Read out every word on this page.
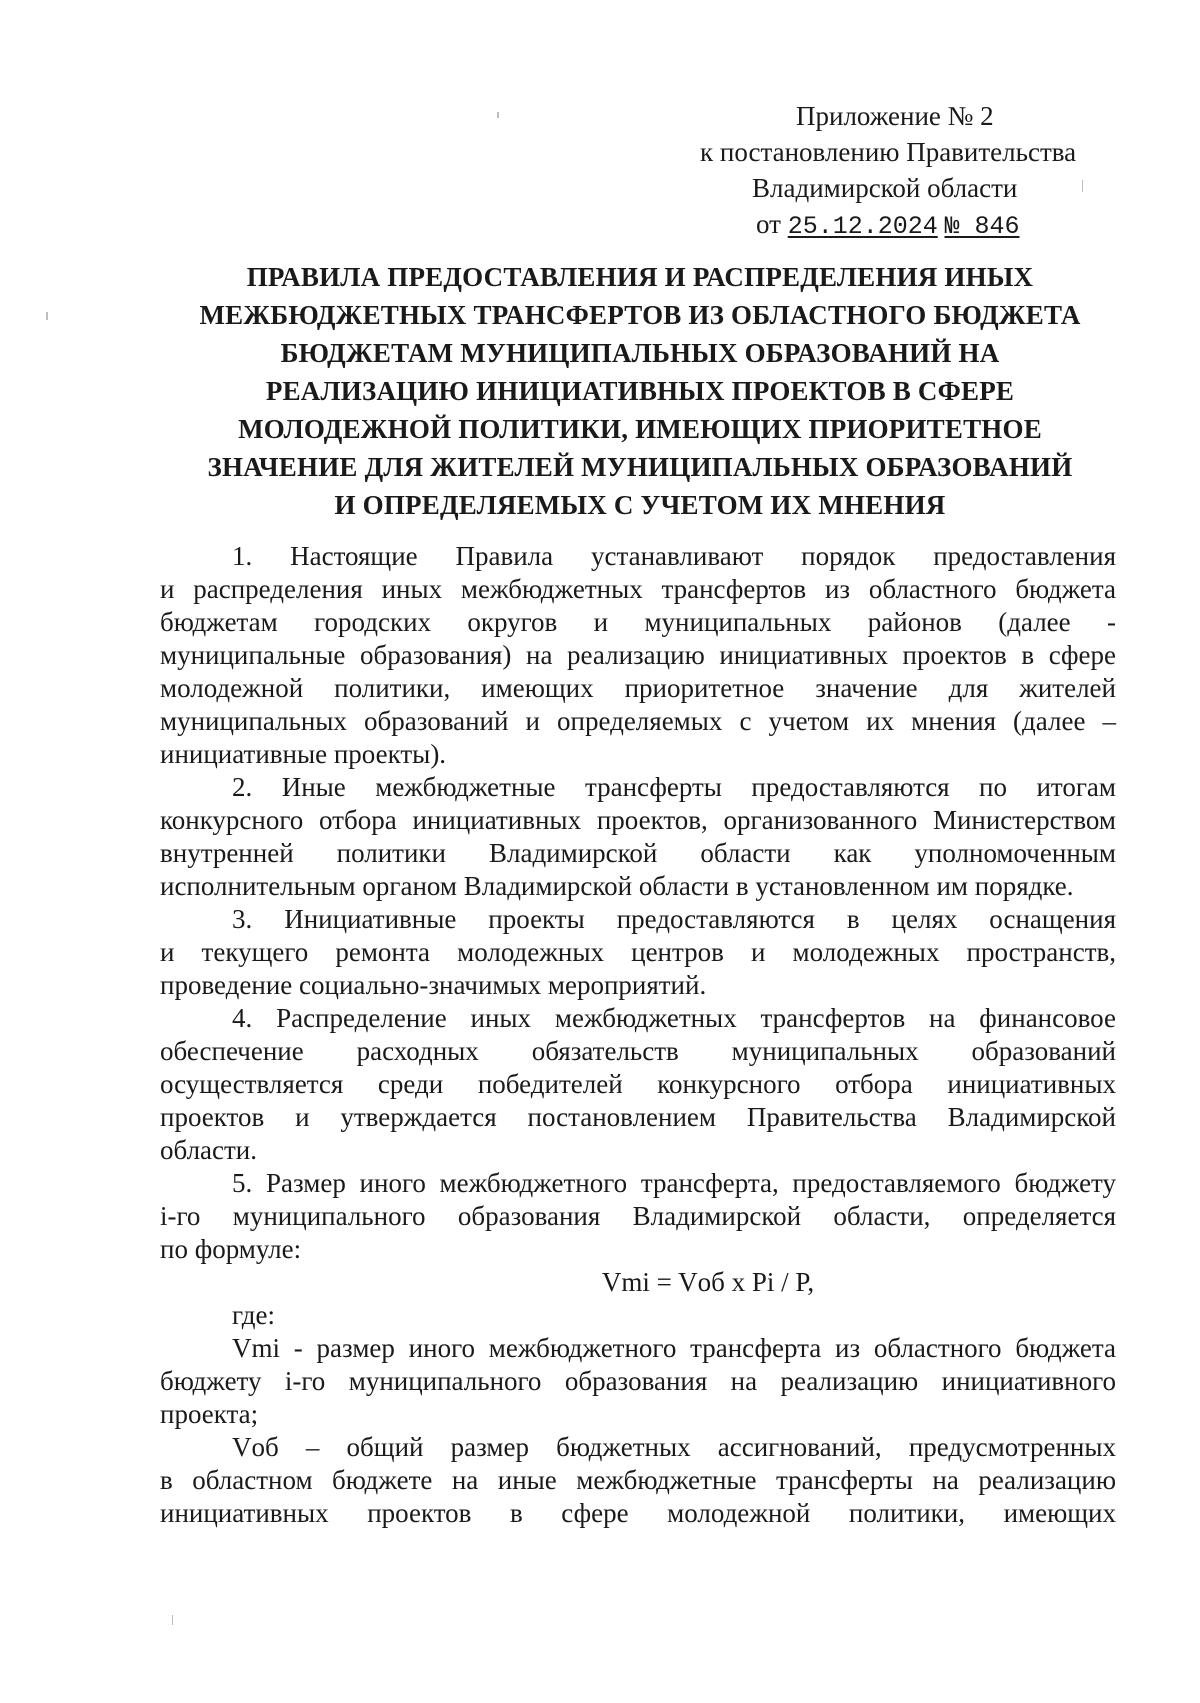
Приложение № 2
к постановлению Правительства
Владимирской области
от 25.12.2024 № 846
ПРАВИЛА ПРЕДОСТАВЛЕНИЯ И РАСПРЕДЕЛЕНИЯ ИНЫХ
МЕЖБЮДЖЕТНЫХ ТРАНСФЕРТОВ ИЗ ОБЛАСТНОГО БЮДЖЕТА
БЮДЖЕТАМ МУНИЦИПАЛЬНЫХ ОБРАЗОВАНИЙ НА
РЕАЛИЗАЦИЮ ИНИЦИАТИВНЫХ ПРОЕКТОВ В СФЕРЕ
МОЛОДЕЖНОЙ ПОЛИТИКИ, ИМЕЮЩИХ ПРИОРИТЕТНОЕ
ЗНАЧЕНИЕ ДЛЯ ЖИТЕЛЕЙ МУНИЦИПАЛЬНЫХ ОБРАЗОВАНИЙ
И ОПРЕДЕЛЯЕМЫХ С УЧЕТОМ ИХ МНЕНИЯ
1. Настоящие Правила устанавливают порядок предоставления
и распределения иных межбюджетных трансфертов из областного бюджета
бюджетам городских округов и муниципальных районов (далее -
муниципальные образования) на реализацию инициативных проектов в сфере
молодежной политики, имеющих приоритетное значение для жителей
муниципальных образований и определяемых с учетом их мнения (далее –
инициативные проекты).
2. Иные межбюджетные трансферты предоставляются по итогам
конкурсного отбора инициативных проектов, организованного Министерством
внутренней политики Владимирской области как уполномоченным
исполнительным органом Владимирской области в установленном им порядке.
3. Инициативные проекты предоставляются в целях оснащения
и текущего ремонта молодежных центров и молодежных пространств,
проведение социально-значимых мероприятий.
4. Распределение иных межбюджетных трансфертов на финансовое
обеспечение расходных обязательств муниципальных образований
осуществляется среди победителей конкурсного отбора инициативных
проектов и утверждается постановлением Правительства Владимирской
области.
5. Размер иного межбюджетного трансферта, предоставляемого бюджету
i-го муниципального образования Владимирской области, определяется
по формуле:

Vmi = Vоб х Pi / P,

где:

Vmi - размер иного межбюджетного трансферта из областного бюджета
бюджету i-го муниципального образования на реализацию инициативного
проекта;
Vоб – общий размер бюджетных ассигнований, предусмотренных
в областном бюджете на иные межбюджетные трансферты на реализацию
инициативных проектов в сфере молодежной политики, имеющих
